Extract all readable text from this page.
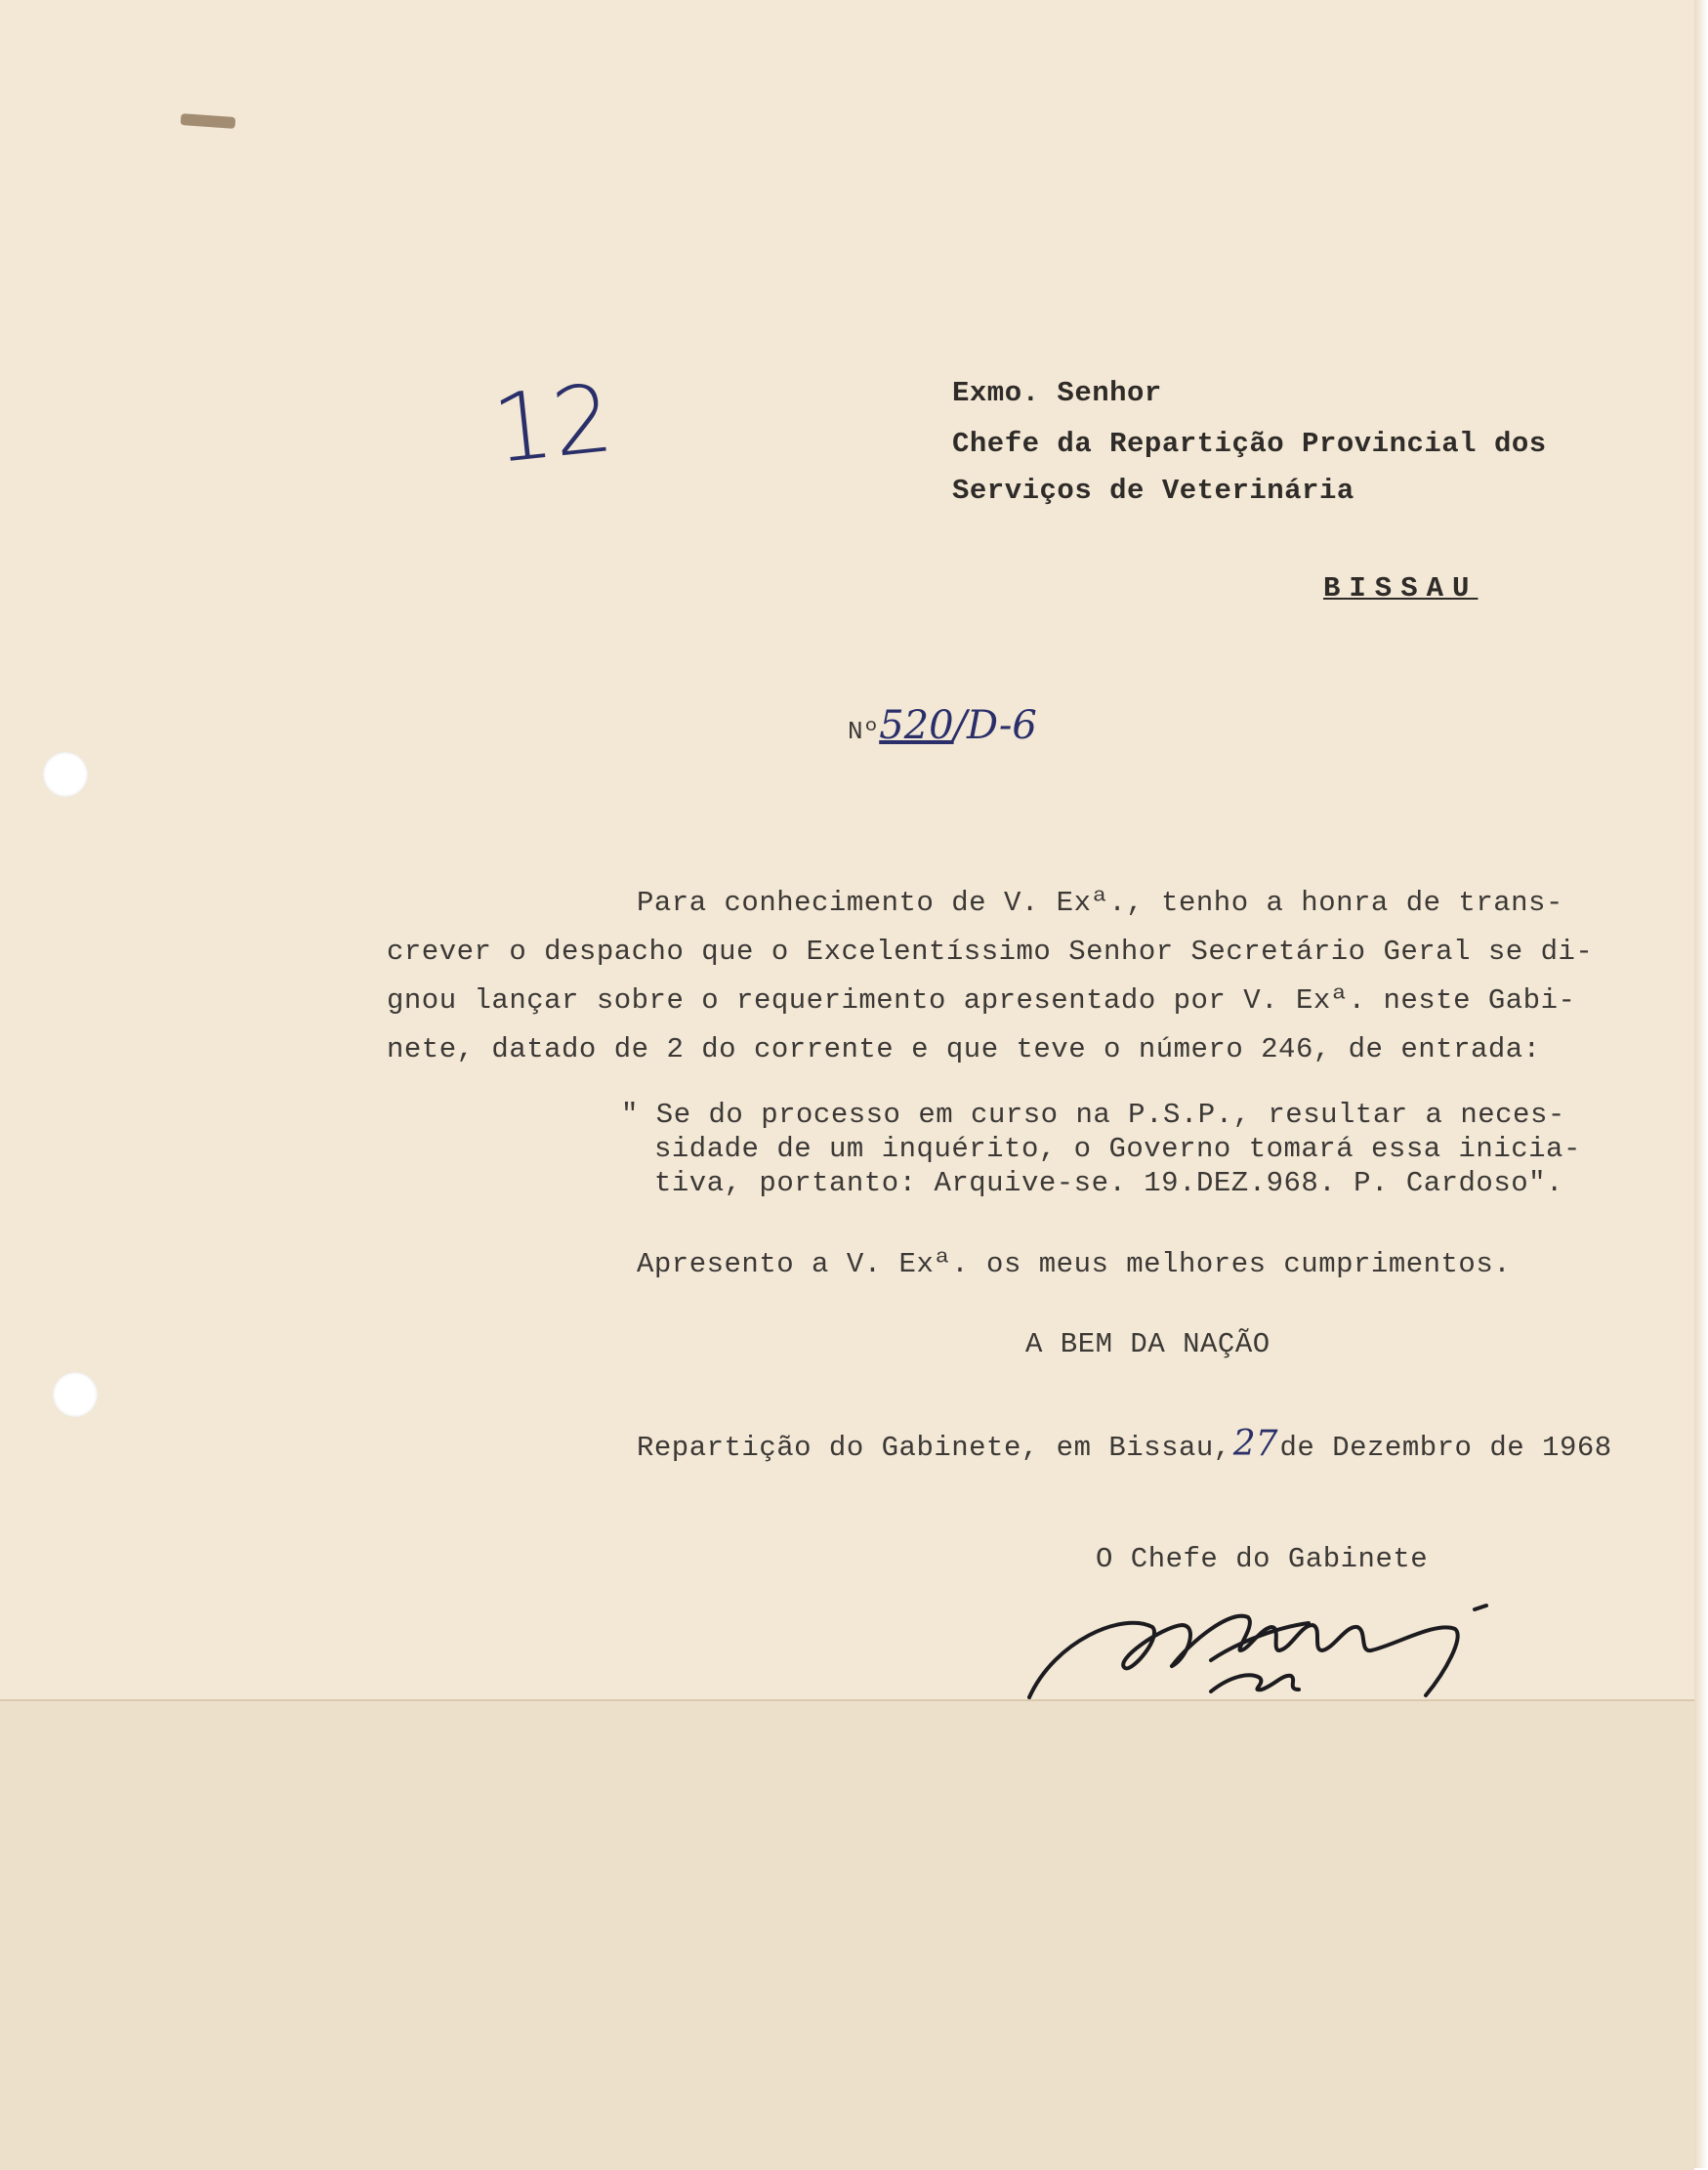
12	Exmo. Senhor
Chefe da Repartição Provincial dos
Serviços de Veterinária
BISSAU
Nº520/D-6
Para conhecimento de V. Exª., tenho a honra de trans-
crever o despacho que o Excelentíssimo Senhor Secretário Geral se di-
gnou lançar sobre o requerimento apresentado por V. Exª. neste Gabi-
nete, datado de 2 do corrente e que teve o número 246, de entrada:
" Se do processo em curso na P.S.P., resultar a neces-
sidade de um inquérito, o Governo tomará essa inicia-
tiva, portanto: Arquive-se. 19.DEZ.968. P. Cardoso".
Apresento a V. Exª. os meus melhores cumprimentos.
A BEM DA NAÇÃO
Repartição do Gabinete, em Bissau,27de Dezembro de 1968
O Chefe do Gabinete
